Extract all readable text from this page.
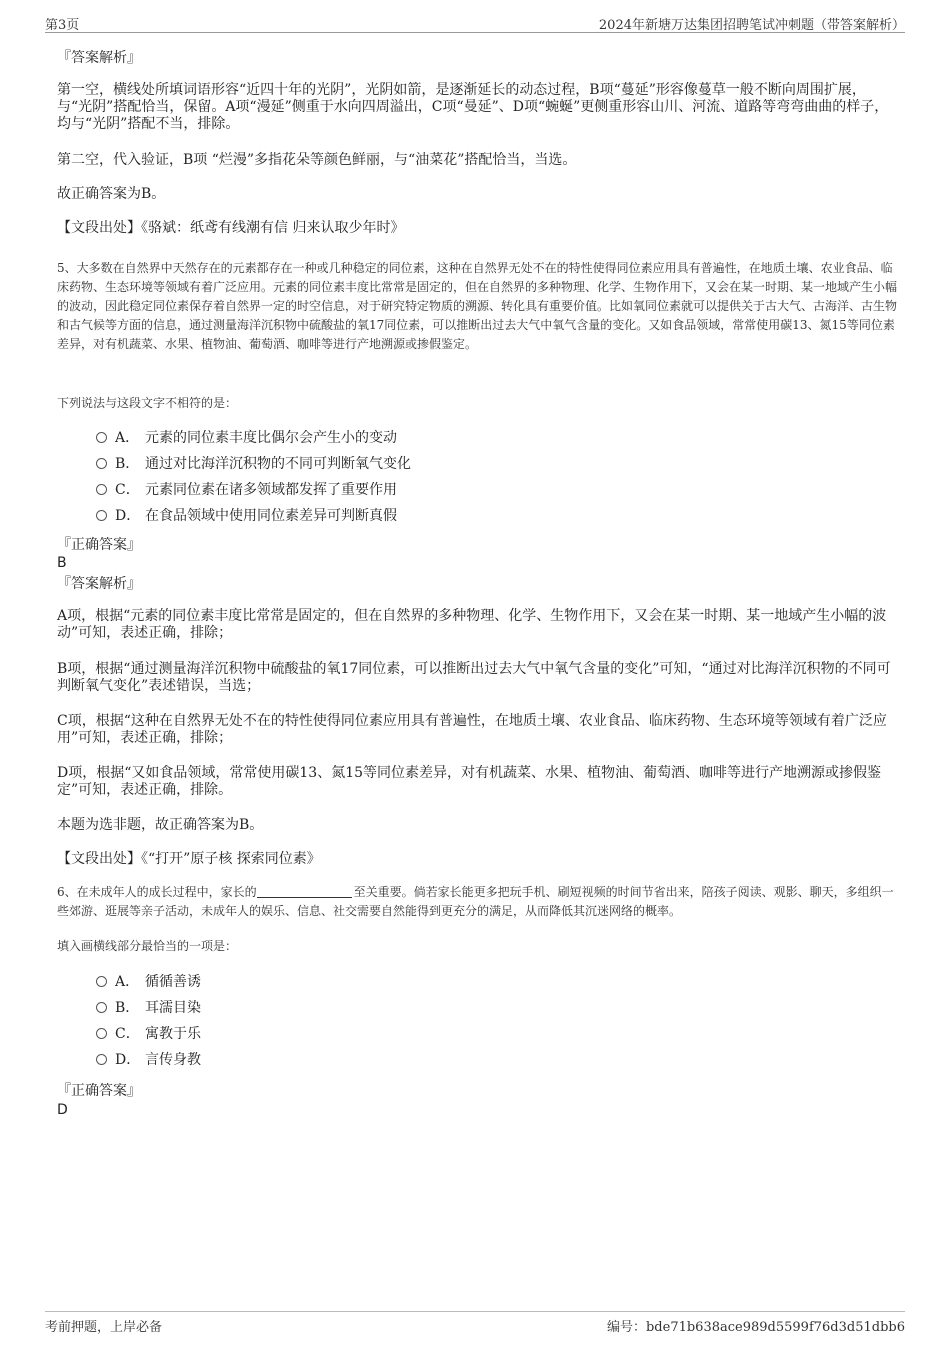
第3页	2024年新塘万达集团招聘笔试冲刺题（带答案解析）
『答案解析』

第一空，横线处所填词语形容“近四十年的光阴”，光阴如箭，是逐渐延长的动态过程，B项“蔓延”形容像蔓草一般不断向周围扩展，与“光阴”搭配恰当，保留。A项“漫延”侧重于水向四周溢出，C项“曼延”、D项“蜿蜒”更侧重形容山川、河流、道路等弯弯曲曲的样子，均与“光阴”搭配不当，排除。

第二空，代入验证，B项 “烂漫”多指花朵等颜色鲜丽，与“油菜花”搭配恰当，当选。

故正确答案为B。

【文段出处】《骆斌：纸鸢有线潮有信 归来认取少年时》

5、大多数在自然界中天然存在的元素都存在一种或几种稳定的同位素，这种在自然界无处不在的特性使得同位素应用具有普遍性，在地质土壤、农业食品、临床药物、生态环境等领域有着广泛应用。元素的同位素丰度比常常是固定的，但在自然界的多种物理、化学、生物作用下，又会在某一时期、某一地域产生小幅的波动，因此稳定同位素保存着自然界一定的时空信息，对于研究特定物质的溯源、转化具有重要价值。比如氧同位素就可以提供关于古大气、古海洋、古生物和古气候等方面的信息，通过测量海洋沉积物中硫酸盐的氧17同位素，可以推断出过去大气中氧气含量的变化。又如食品领域，常常使用碳13、氮15等同位素差异，对有机蔬菜、水果、植物油、葡萄酒、咖啡等进行产地溯源或掺假鉴定。

下列说法与这段文字不相符的是：

A． 元素的同位素丰度比偶尔会产生小的变动
B． 通过对比海洋沉积物的不同可判断氧气变化
C． 元素同位素在诸多领域都发挥了重要作用
D． 在食品领域中使用同位素差异可判断真假
『正确答案』
B
『答案解析』

A项，根据“元素的同位素丰度比常常是固定的，但在自然界的多种物理、化学、生物作用下，又会在某一时期、某一地域产生小幅的波动”可知，表述正确，排除；

B项，根据“通过测量海洋沉积物中硫酸盐的氧17同位素，可以推断出过去大气中氧气含量的变化”可知，“通过对比海洋沉积物的不同可判断氧气变化”表述错误，当选；

C项，根据“这种在自然界无处不在的特性使得同位素应用具有普遍性，在地质土壤、农业食品、临床药物、生态环境等领域有着广泛应用”可知，表述正确，排除；

D项，根据“又如食品领域，常常使用碳13、氮15等同位素差异，对有机蔬菜、水果、植物油、葡萄酒、咖啡等进行产地溯源或掺假鉴定”可知，表述正确，排除。

本题为选非题，故正确答案为B。

【文段出处】《“打开”原子核 探索同位素》

6、在未成年人的成长过程中，家长的	至关重要。倘若家长能更多把玩手机、刷短视频的时间节省出来，陪孩子阅读、观影、聊天，多组织一些郊游、逛展等亲子活动，未成年人的娱乐、信息、社交需要自然能得到更充分的满足，从而降低其沉迷网络的概率。

填入画横线部分最恰当的一项是：

A． 循循善诱
B． 耳濡目染
C． 寓教于乐
D． 言传身教
『正确答案』
D
考前押题，上岸必备	编号：bde71b638ace989d5599f76d3d51dbb6
